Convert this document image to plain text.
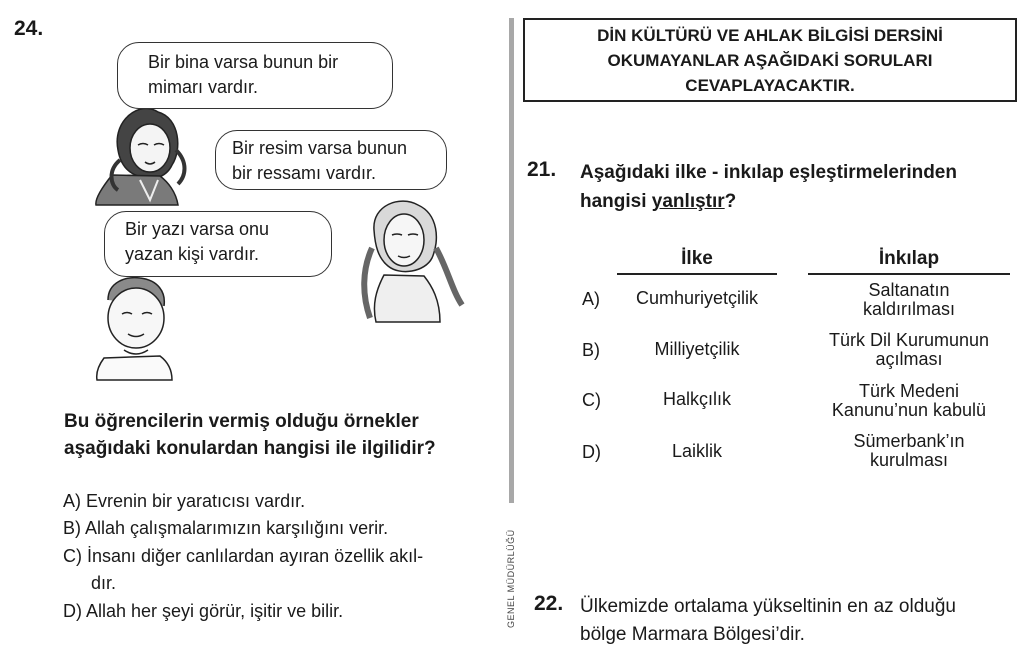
24.
Bir bina varsa bunun bir
mimarı vardır.
Bir resim varsa bunun
bir ressamı vardır.
Bir yazı varsa onu
yazan kişi vardır.
Bu öğrencilerin vermiş olduğu örnekler
aşağıdaki konulardan hangisi ile ilgilidir?
A) Evrenin bir yaratıcısı vardır.
B) Allah çalışmalarımızın karşılığını verir.
C) İnsanı diğer canlılardan ayıran özellik akıl-
dır.
D) Allah her şeyi görür, işitir ve bilir.	GENEL MÜDÜRLÜĞÜ
DİN KÜLTÜRÜ VE AHLAK BİLGİSİ DERSİNİ
OKUMAYANLAR AŞAĞIDAKİ SORULARI
CEVAPLAYACAKTIR.
21. Aşağıdaki ilke - inkılap eşleştirmelerinden
hangisi yanlıştır?
İlke	İnkılap
A)	Cumhuriyetçilik	Saltanatın
kaldırılması
B)	Milliyetçilik	Türk Dil Kurumunun
açılması
C)	Halkçılık	Türk Medeni
Kanunu’nun kabulü
D)	Laiklik	Sümerbank’ın
kurulması
22. Ülkemizde ortalama yükseltinin en az olduğu
bölge Marmara Bölgesi’dir.
